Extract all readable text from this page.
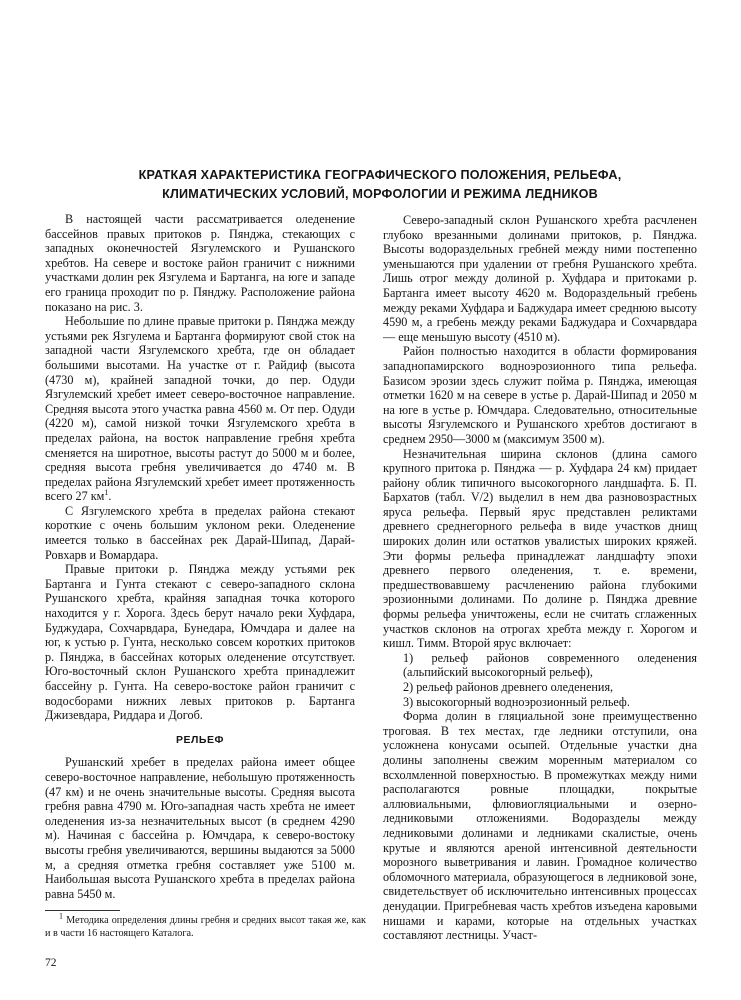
КРАТКАЯ ХАРАКТЕРИСТИКА ГЕОГРАФИЧЕСКОГО ПОЛОЖЕНИЯ, РЕЛЬЕФА,
КЛИМАТИЧЕСКИХ УСЛОВИЙ, МОРФОЛОГИИ И РЕЖИМА ЛЕДНИКОВ

В настоящей части рассматривается оледенение бассейнов правых притоков р. Пянджа, стекающих с западных оконечностей Язгулемского и Рушанского хребтов. На севере и востоке район граничит с нижними участками долин рек Язгулема и Бартанга, на юге и западе его граница проходит по р. Пянджу. Расположение района показано на рис. 3.

Небольшие по длине правые притоки р. Пянджа между устьями рек Язгулема и Бартанга формируют свой сток на западной части Язгулемского хребта, где он обладает большими высотами. На участке от г. Райдиф (высота (4730 м), крайней западной точки, до пер. Одуди Язгулемский хребет имеет северо-восточное направление. Средняя высота этого участка равна 4560 м. От пер. Одуди (4220 м), самой низкой точки Язгулемского хребта в пределах района, на восток направление гребня хребта сменяется на широтное, высоты растут до 5000 м и более, средняя высота гребня увеличивается до 4740 м. В пределах района Язгулемский хребет имеет протяженность всего 27 $км^1$.

С Язгулемского хребта в пределах района стекают короткие с очень большим уклоном реки. Оледенение имеется только в бассейнах рек Дарай-Шипад, Дарай-Ровхарв и Вомардара.

Правые притоки р. Пянджа между устьями рек Бартанга и Гунта стекают с северо-западного склона Рушанского хребта, крайняя западная точка которого находится у г. Хорога. Здесь берут начало реки Хуфдара, Буджудара, Сохчарвдара, Бунедара, Юмчдара и далее на юг, к устью р. Гунта, несколько совсем коротких притоков р. Пянджа, в бассейнах которых оледенение отсутствует. Юго-восточный склон Рушанского хребта принадлежит бассейну р. Гунта. На северо-востоке район граничит с водосборами нижних левых притоков р. Бартанга Джизевдара, Риддара и Догоб.

РЕЛЬЕФ

Рушанский хребет в пределах района имеет общее северо-восточное направление, небольшую протяженность (47 км) и не очень значительные высоты. Средняя высота гребня равна 4790 м. Юго-западная часть хребта не имеет оледенения из-за незначительных высот (в среднем 4290 м). Начиная с бассейна р. Юмчдара, к северо-востоку высоты гребня увеличиваются, вершины выдаются за 5000 м, а средняя отметка гребня составляет уже 5100 м. Наибольшая высота Рушанского хребта в пределах района равна 5450 м.

$^1$ Методика определения длины гребня и средних высот такая же, как и в части 16 настоящего Каталога.
72

Северо-западный склон Рушанского хребта расчленен глубоко врезанными долинами притоков, р. Пянджа. Высоты водораздельных гребней между ними постепенно уменьшаются при удалении от гребня Рушанского хребта. Лишь отрог между долиной р. Хуфдара и притоками р. Бартанга имеет высоту 4620 м. Водораздельный гребень между реками Хуфдара и Баджудара имеет среднюю высоту 4590 м, а гребень между реками Баджудара и Сохчарвдара — еще меньшую высоту (4510 м).

Район полностью находится в области формирования западнопамирского водноэрозионного типа рельефа. Базисом эрозии здесь служит пойма р. Пянджа, имеющая отметки 1620 м на севере в устье р. Дарай-Шипад и 2050 м на юге в устье р. Юмчдара. Следовательно, относительные высоты Язгулемского и Рушанского хребтов достигают в среднем 2950—3000 м (максимум 3500 м).

Незначительная ширина склонов (длина самого крупного притока р. Пянджа — р. Хуфдара 24 км) придает району облик типичного высокогорного ландшафта. Б. П. Бархатов (табл. V/2) выделил в нем два разновозрастных яруса рельефа. Первый ярус представлен реликтами древнего среднегорного рельефа в виде участков днищ широких долин или остатков увалистых широких кряжей. Эти формы рельефа принадлежат ландшафту эпохи древнего первого оледенения, т. е. времени, предшествовавшему расчленению района глубокими эрозионными долинами. По долине р. Пянджа древние формы рельефа уничтожены, если не считать сглаженных участков склонов на отрогах хребта между г. Хорогом и кишл. Тимм. Второй ярус включает:

1) рельеф районов современного оледенения (альпийский высокогорный рельеф),

2) рельеф районов древнего оледенения,

3) высокогорный водноэрозионный рельеф.

Форма долин в гляциальной зоне преимущественно троговая. В тех местах, где ледники отступили, она усложнена конусами осыпей. Отдельные участки дна долины заполнены свежим моренным материалом со всхолмленной поверхностью. В промежутках между ними располагаются ровные площадки, покрытые аллювиальными, флювиогляциальными и озерно-ледниковыми отложениями. Водоразделы между ледниковыми долинами и ледниками скалистые, очень крутые и являются ареной интенсивной деятельности морозного выветривания и лавин. Громадное количество обломочного материала, образующегося в ледниковой зоне, свидетельствует об исключительно интенсивных процессах денудации. Пригребневая часть хребтов изъедена каровыми нишами и карами, которые на отдельных участках составляют лестницы. Участ-
